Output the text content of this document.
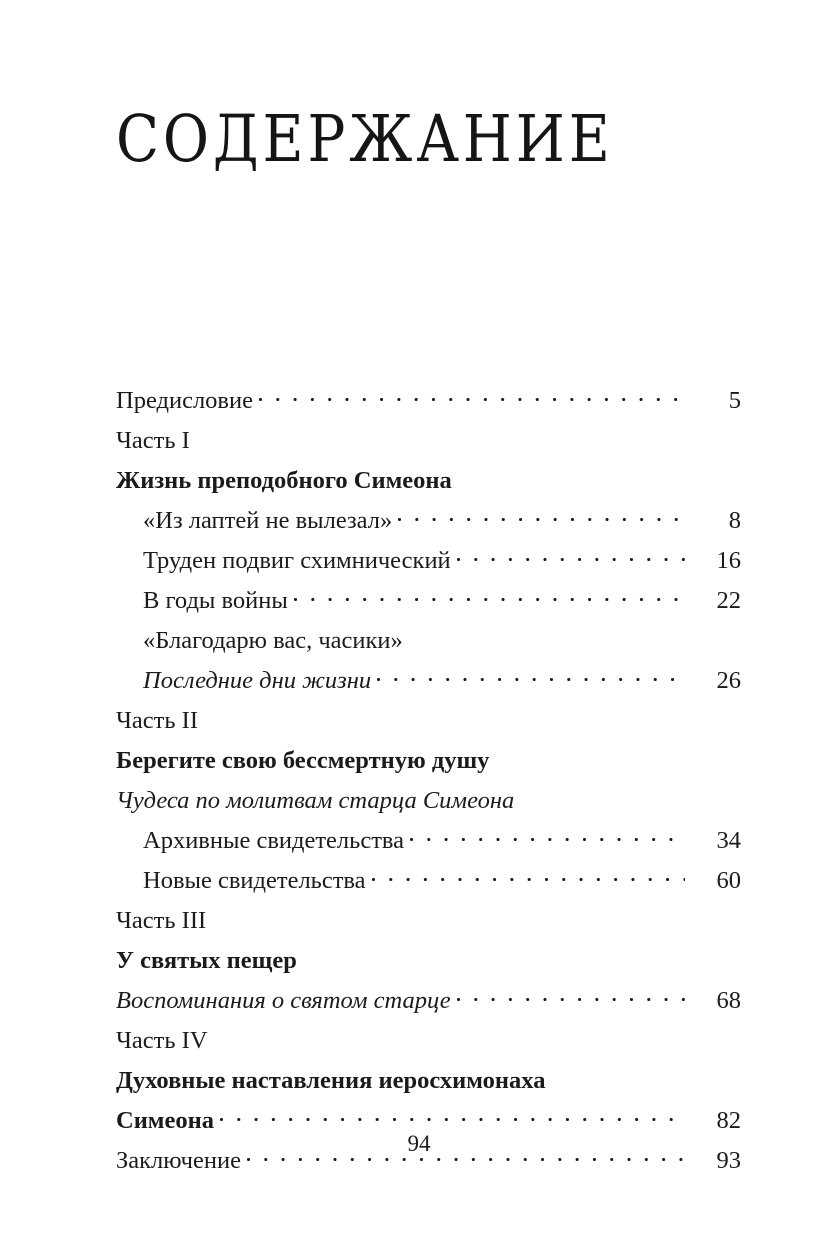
СОДЕРЖАНИЕ
Предисловие	5
Часть I
Жизнь преподобного Симеона
«Из лаптей не вылезал»	8
Труден подвиг схимнический	16
В годы войны	22
«Благодарю вас, часики»
Последние дни жизни	26
Часть II
Берегите свою бессмертную душу
Чудеса по молитвам старца Симеона
Архивные свидетельства	34
Новые свидетельства	60
Часть III
У святых пещер
Воспоминания о святом старце	68
Часть IV
Духовные наставления иеросхимонаха
Симеона	82
Заключение	93
94
